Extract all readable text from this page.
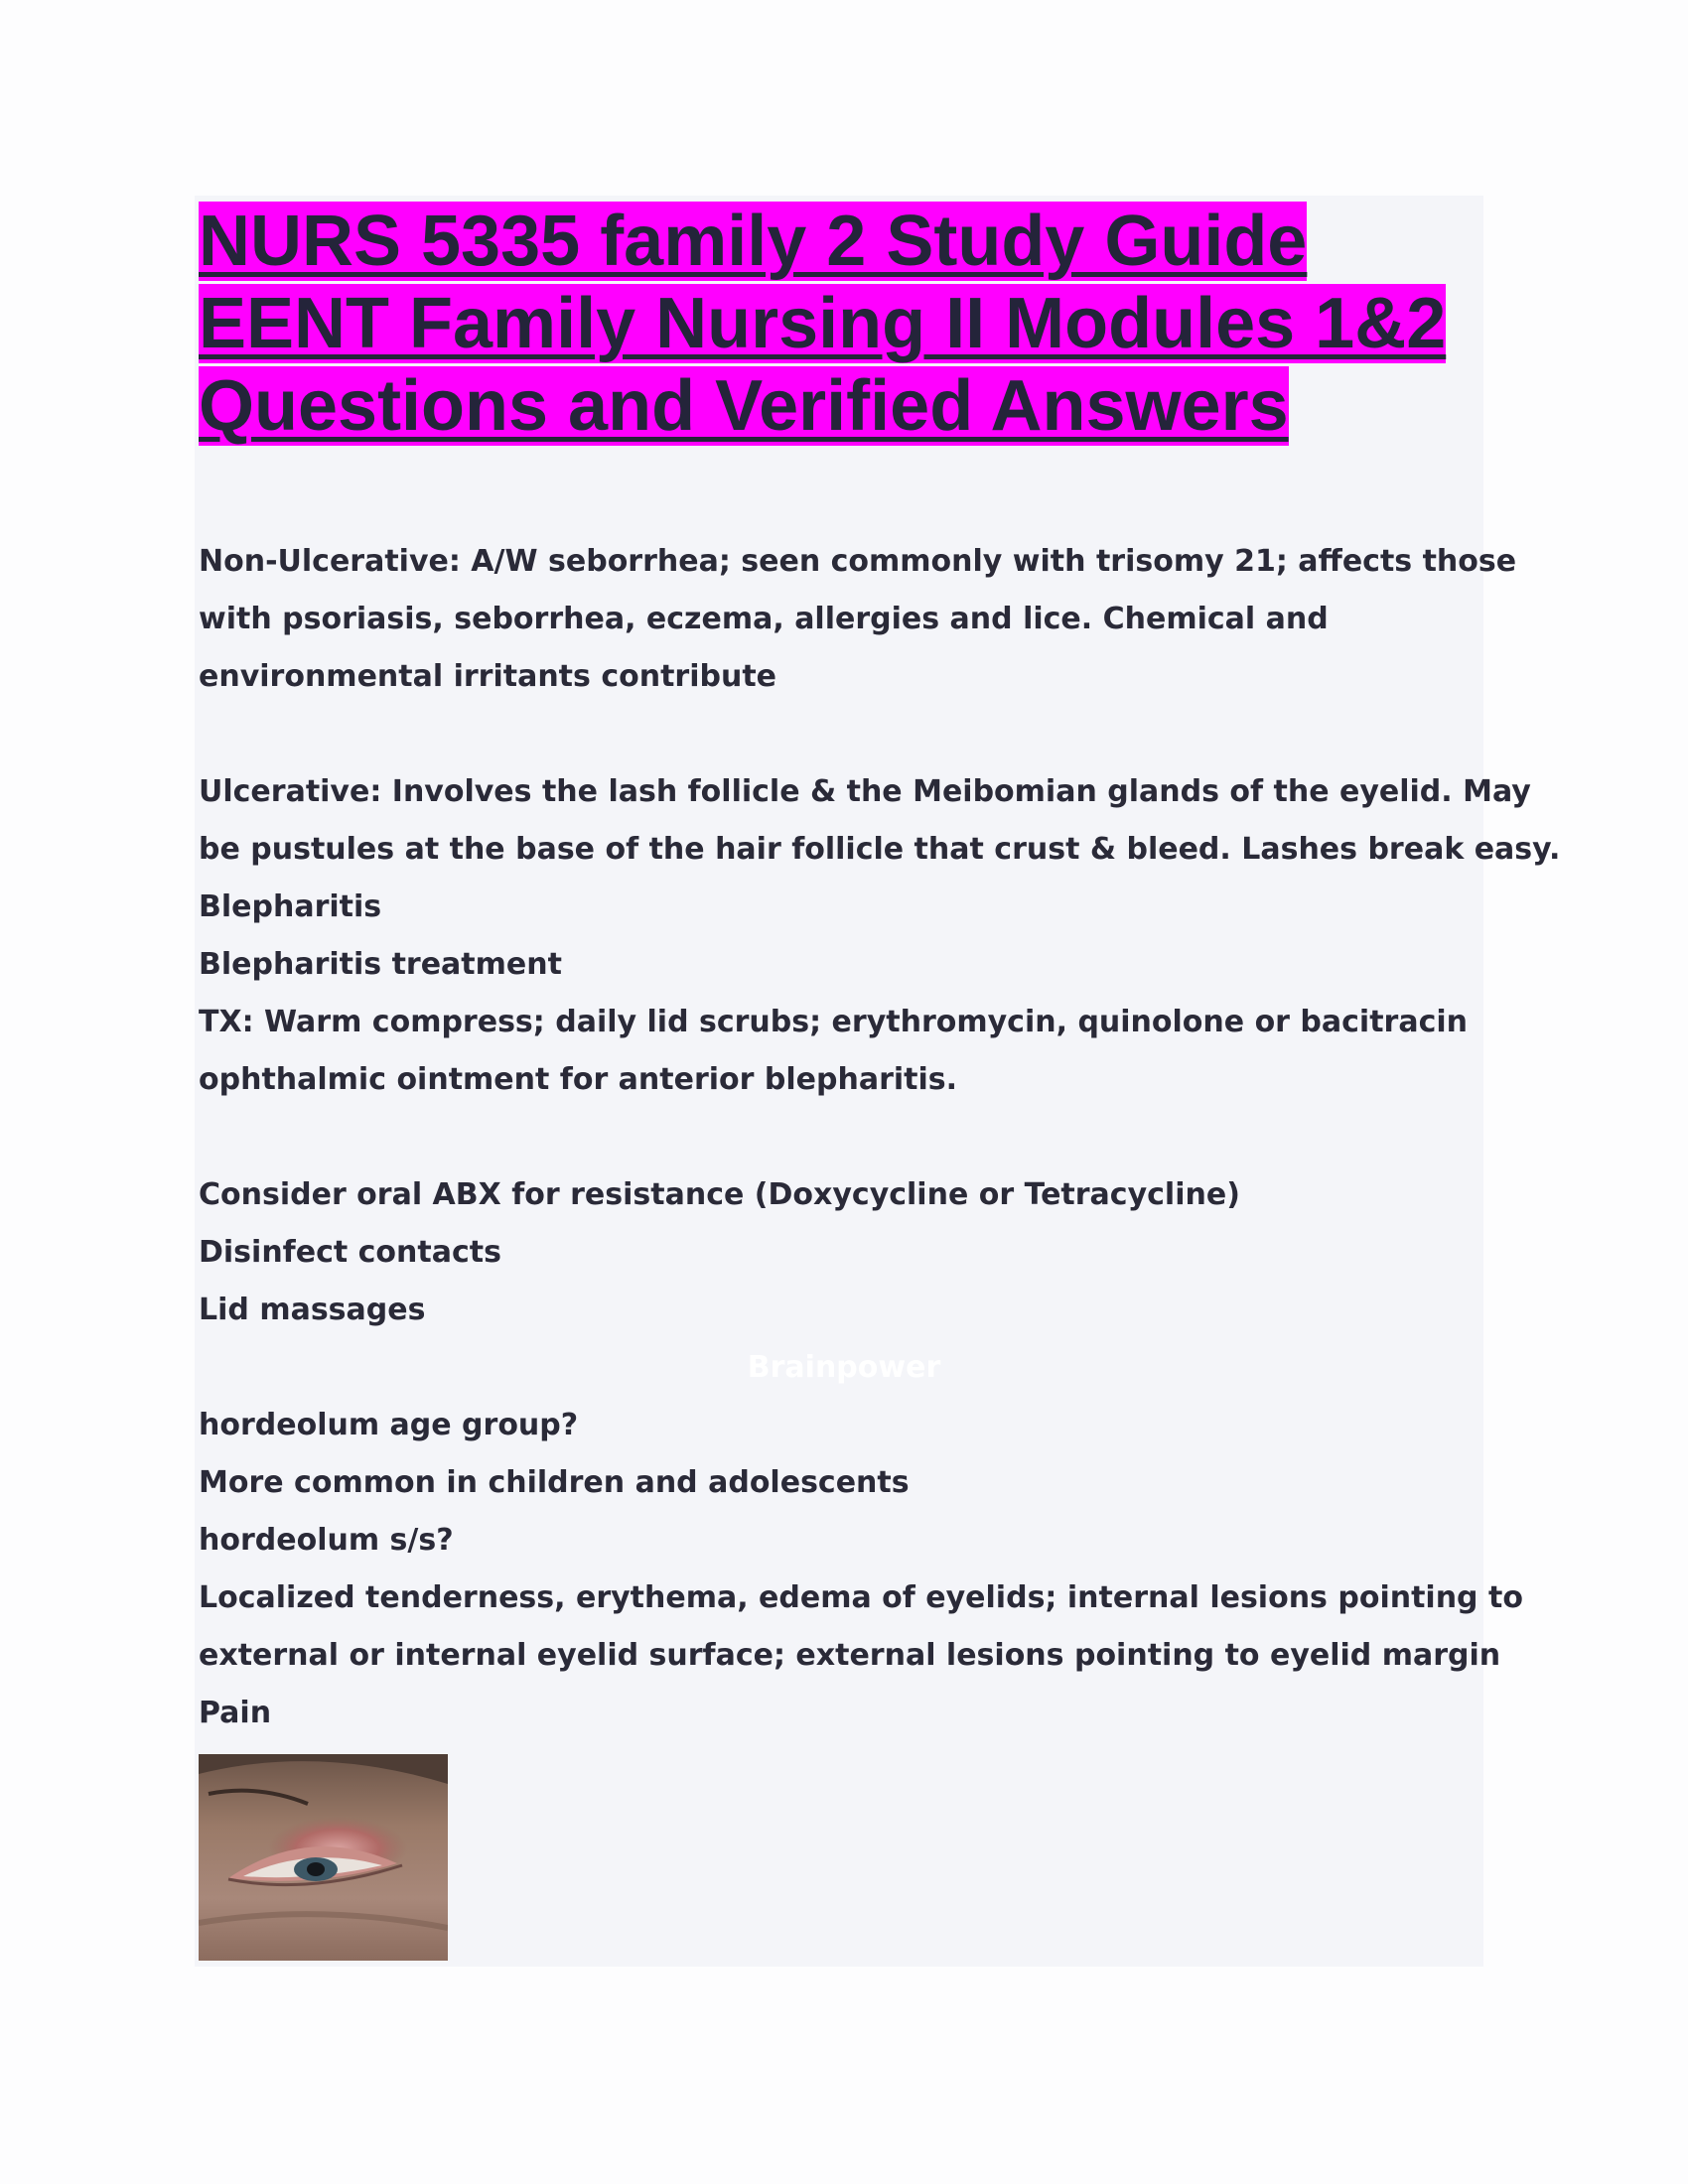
NURS 5335 family 2 Study Guide
EENT Family Nursing II Modules 1&2
Questions and Verified Answers

Non-Ulcerative: A/W seborrhea; seen commonly with trisomy 21; affects those

with psoriasis, seborrhea, eczema, allergies and lice. Chemical and

environmental irritants contribute

Ulcerative: Involves the lash follicle & the Meibomian glands of the eyelid. May

be pustules at the base of the hair follicle that crust & bleed. Lashes break easy.

Blepharitis

Blepharitis treatment

TX: Warm compress; daily lid scrubs; erythromycin, quinolone or bacitracin

ophthalmic ointment for anterior blepharitis.

Consider oral ABX for resistance (Doxycycline or Tetracycline)

Disinfect contacts

Lid massages

Brainpower

hordeolum age group?

More common in children and adolescents

hordeolum s/s?

Localized tenderness, erythema, edema of eyelids; internal lesions pointing to

external or internal eyelid surface; external lesions pointing to eyelid margin

Pain
